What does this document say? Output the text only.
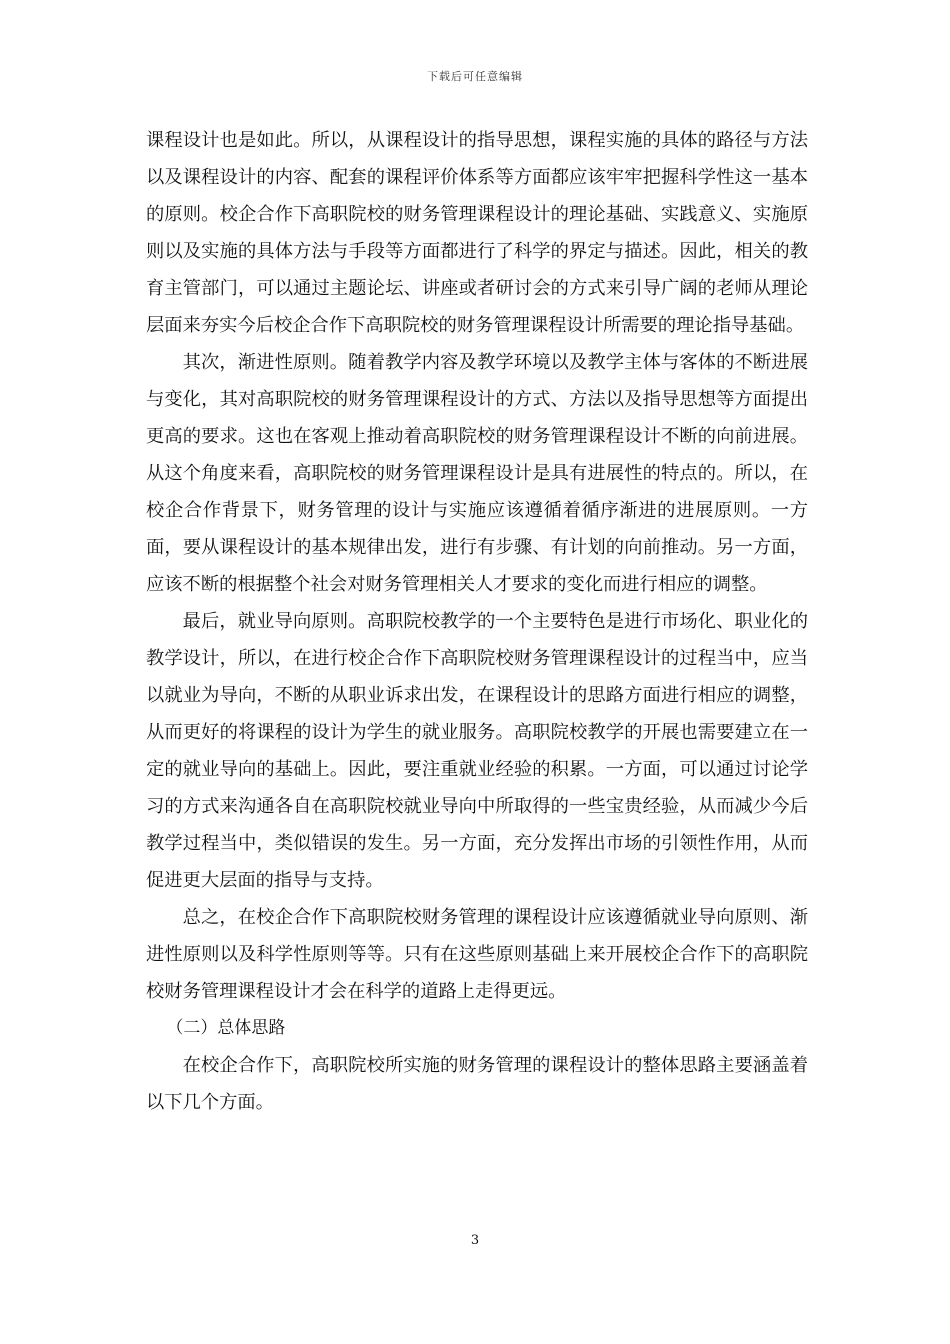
下载后可任意编辑

课程设计也是如此。所以，从课程设计的指导思想，课程实施的具体的路径与方法以及课程设计的内容、配套的课程评价体系等方面都应该牢牢把握科学性这一基本的原则。校企合作下高职院校的财务管理课程设计的理论基础、实践意义、实施原则以及实施的具体方法与手段等方面都进行了科学的界定与描述。因此，相关的教育主管部门，可以通过主题论坛、讲座或者研讨会的方式来引导广阔的老师从理论层面来夯实今后校企合作下高职院校的财务管理课程设计所需要的理论指导基础。

其次，渐进性原则。随着教学内容及教学环境以及教学主体与客体的不断进展与变化，其对高职院校的财务管理课程设计的方式、方法以及指导思想等方面提出更高的要求。这也在客观上推动着高职院校的财务管理课程设计不断的向前进展。从这个角度来看，高职院校的财务管理课程设计是具有进展性的特点的。所以，在校企合作背景下，财务管理的设计与实施应该遵循着循序渐进的进展原则。一方面，要从课程设计的基本规律出发，进行有步骤、有计划的向前推动。另一方面，应该不断的根据整个社会对财务管理相关人才要求的变化而进行相应的调整。

最后，就业导向原则。高职院校教学的一个主要特色是进行市场化、职业化的教学设计，所以，在进行校企合作下高职院校财务管理课程设计的过程当中，应当以就业为导向，不断的从职业诉求出发，在课程设计的思路方面进行相应的调整，从而更好的将课程的设计为学生的就业服务。高职院校教学的开展也需要建立在一定的就业导向的基础上。因此，要注重就业经验的积累。一方面，可以通过讨论学习的方式来沟通各自在高职院校就业导向中所取得的一些宝贵经验，从而减少今后教学过程当中，类似错误的发生。另一方面，充分发挥出市场的引领性作用，从而促进更大层面的指导与支持。

总之，在校企合作下高职院校财务管理的课程设计应该遵循就业导向原则、渐进性原则以及科学性原则等等。只有在这些原则基础上来开展校企合作下的高职院校财务管理课程设计才会在科学的道路上走得更远。

（二）总体思路

在校企合作下，高职院校所实施的财务管理的课程设计的整体思路主要涵盖着以下几个方面。

3
